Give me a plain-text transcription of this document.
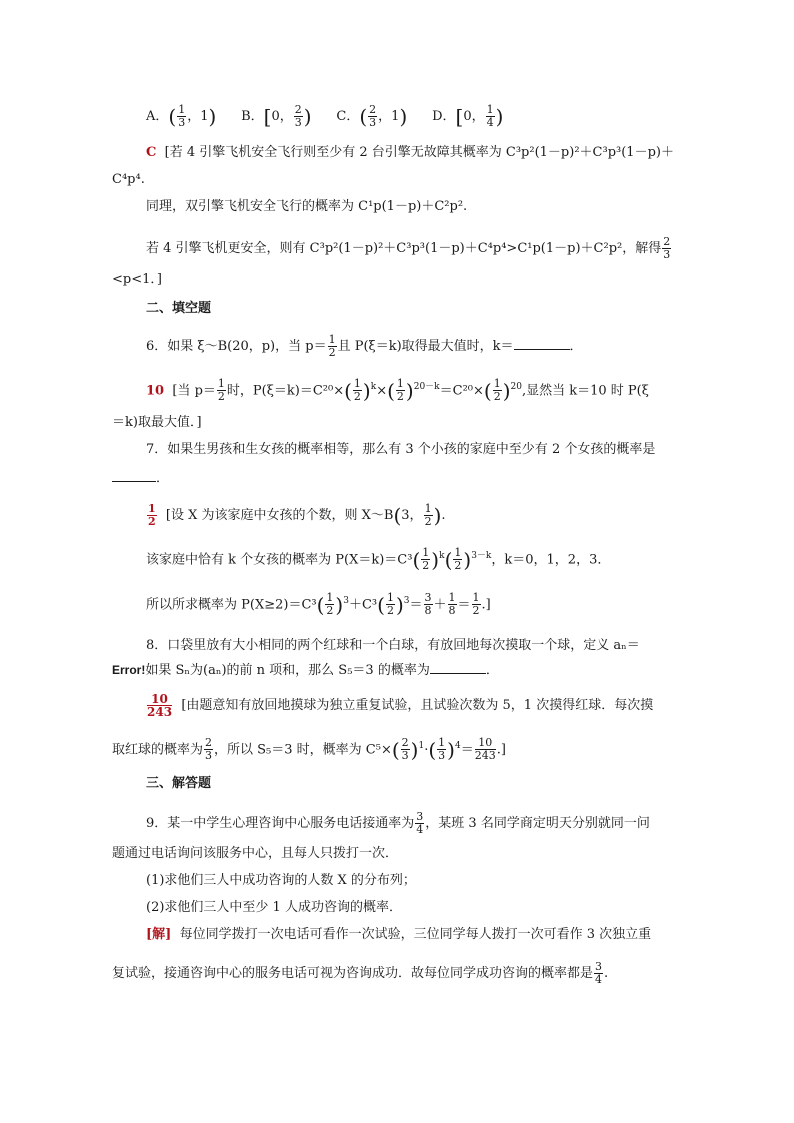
A．( $\frac{1}{3}$ ，1) B．[0， $\frac{2}{3}$ ) C．( $\frac{2}{3}$ ，1) D．[0， $\frac{1}{4}$ )
C [若 4 引擎飞机安全飞行则至少有 2 台引擎无故障其概率为 C³p²(1－p)²＋C³p³(1－p)＋
C⁴p⁴.
同理，双引擎飞机安全飞行的概率为 C¹p(1－p)＋C²p².
若 4 引擎飞机更安全，则有 C³p²(1－p)²＋C³p³(1－p)＋C⁴p⁴>C¹p(1－p)＋C²p²，解得 $\frac{2}{3}$
<p<1．]
二、填空题
6．如果 ξ～B(20，p)，当 $p= \frac{1}{2}$ 且 P(ξ＝k)取得最大值时，k＝	．
10 [当 $p= \frac{1}{2}$ 时，$P(\xi=k)=C^{20}\times( \frac{1}{2} )^k\times( \frac{1}{2} )^{20-k}=C^{20}\times( \frac{1}{2} )^{20}$,显然当 k＝10 时 P(ξ
＝k)取最大值．]
7．如果生男孩和生女孩的概率相等，那么有 3 个小孩的家庭中至少有 2 个女孩的概率是
．
$\frac{1}{2}$ [设 X 为该家庭中女孩的个数，则 X～B(3， $\frac{1}{2}$ ).
该家庭中恰有 k 个女孩的概率为 $P(X=k)=C^3( \frac{1}{2} )^k( \frac{1}{2} )^{3-k}$，k＝0，1，2，3．
所以所求概率为 $P(X\ge 2)=C^3( \frac{1}{2} )^3+C^3( \frac{1}{2} )^3= \frac{3}{8} + \frac{1}{8} = \frac{1}{2}$ .]
8．口袋里放有大小相同的两个红球和一个白球，有放回地每次摸取一个球，定义 aₙ＝
Error!如果 Sₙ为(aₙ)的前 n 项和，那么 S₅＝3 的概率为	．
$\frac{10}{243}$ [由题意知有放回地摸球为独立重复试验，且试验次数为 5，1 次摸得红球．每次摸
取红球的概率为 $\frac{2}{3}$ ，所以 S₅＝3 时，概率为 $C^5\times( \frac{2}{3} )^1\cdot( \frac{1}{3} )^4= \frac{10}{243}$ .]
三、解答题
9．某一中学生心理咨询中心服务电话接通率为 $\frac{3}{4}$ ，某班 3 名同学商定明天分别就同一问
题通过电话询问该服务中心，且每人只拨打一次．
(1)求他们三人中成功咨询的人数 X 的分布列；
(2)求他们三人中至少 1 人成功咨询的概率．
[解] 每位同学拨打一次电话可看作一次试验，三位同学每人拨打一次可看作 3 次独立重
复试验，接通咨询中心的服务电话可视为咨询成功．故每位同学成功咨询的概率都是 $\frac{3}{4}$ .
